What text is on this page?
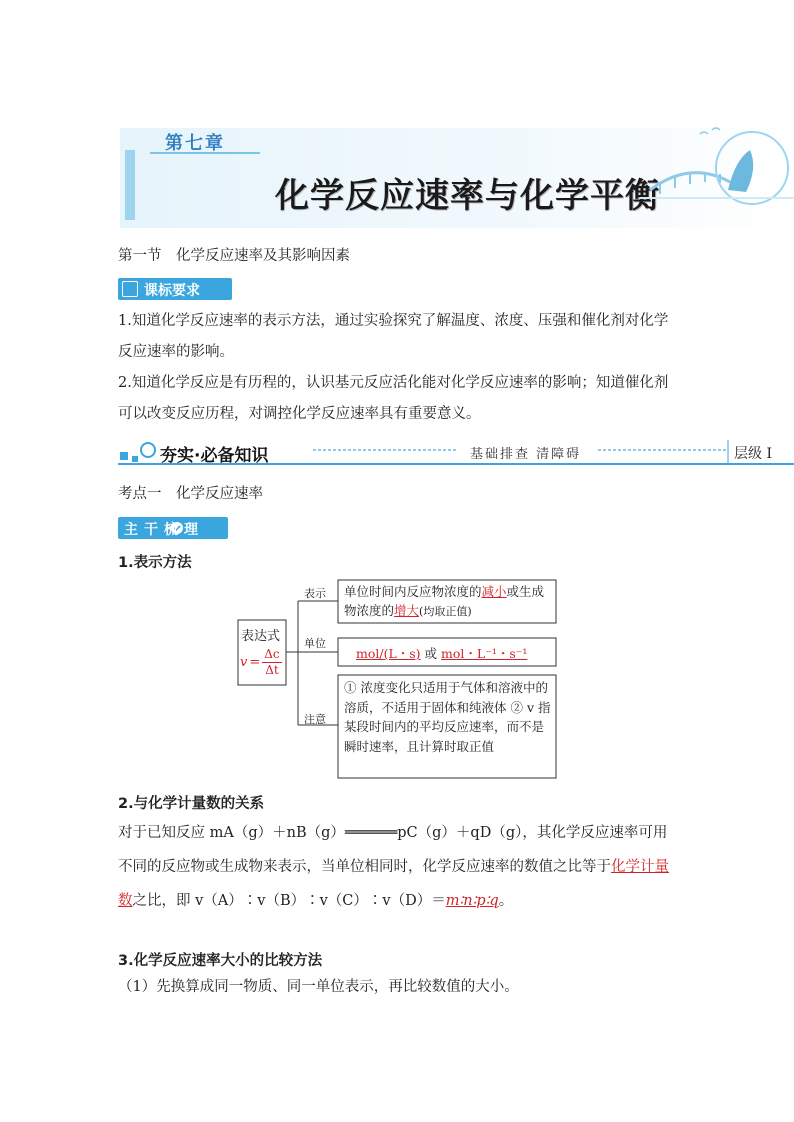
第七章
化学反应速率与化学平衡
第一节　化学反应速率及其影响因素
课标要求
1.知道化学反应速率的表示方法，通过实验探究了解温度、浓度、压强和催化剂对化学反应速率的影响。
2.知道化学反应是有历程的，认识基元反应活化能对化学反应速率的影响；知道催化剂可以改变反应历程，对调控化学反应速率具有重要意义。
夯实·必备知识	基础排查 清障碍	层级 Ⅰ
考点一　化学反应速率
主干梳理
1.表示方法
表达式
$v = \frac{\Delta c}{\Delta t}$
表示
单位
注意
单位时间内反应物浓度的减小或生成物浓度的增大(均取正值)
mol/(L・s) 或 mol・L⁻¹・s⁻¹
① 浓度变化只适用于气体和溶液中的溶质，不适用于固体和纯液体 ② v 指某段时间内的平均反应速率，而不是瞬时速率，且计算时取正值
2.与化学计量数的关系
对于已知反应 mA（g）＋nB（g）══════pC（g）＋qD（g），其化学反应速率可用不同的反应物或生成物来表示，当单位相同时，化学反应速率的数值之比等于化学计量数之比，即 v（A）∶v（B）∶v（C）∶v（D）＝m∶n∶p∶q。
3.化学反应速率大小的比较方法
（1）先换算成同一物质、同一单位表示，再比较数值的大小。
